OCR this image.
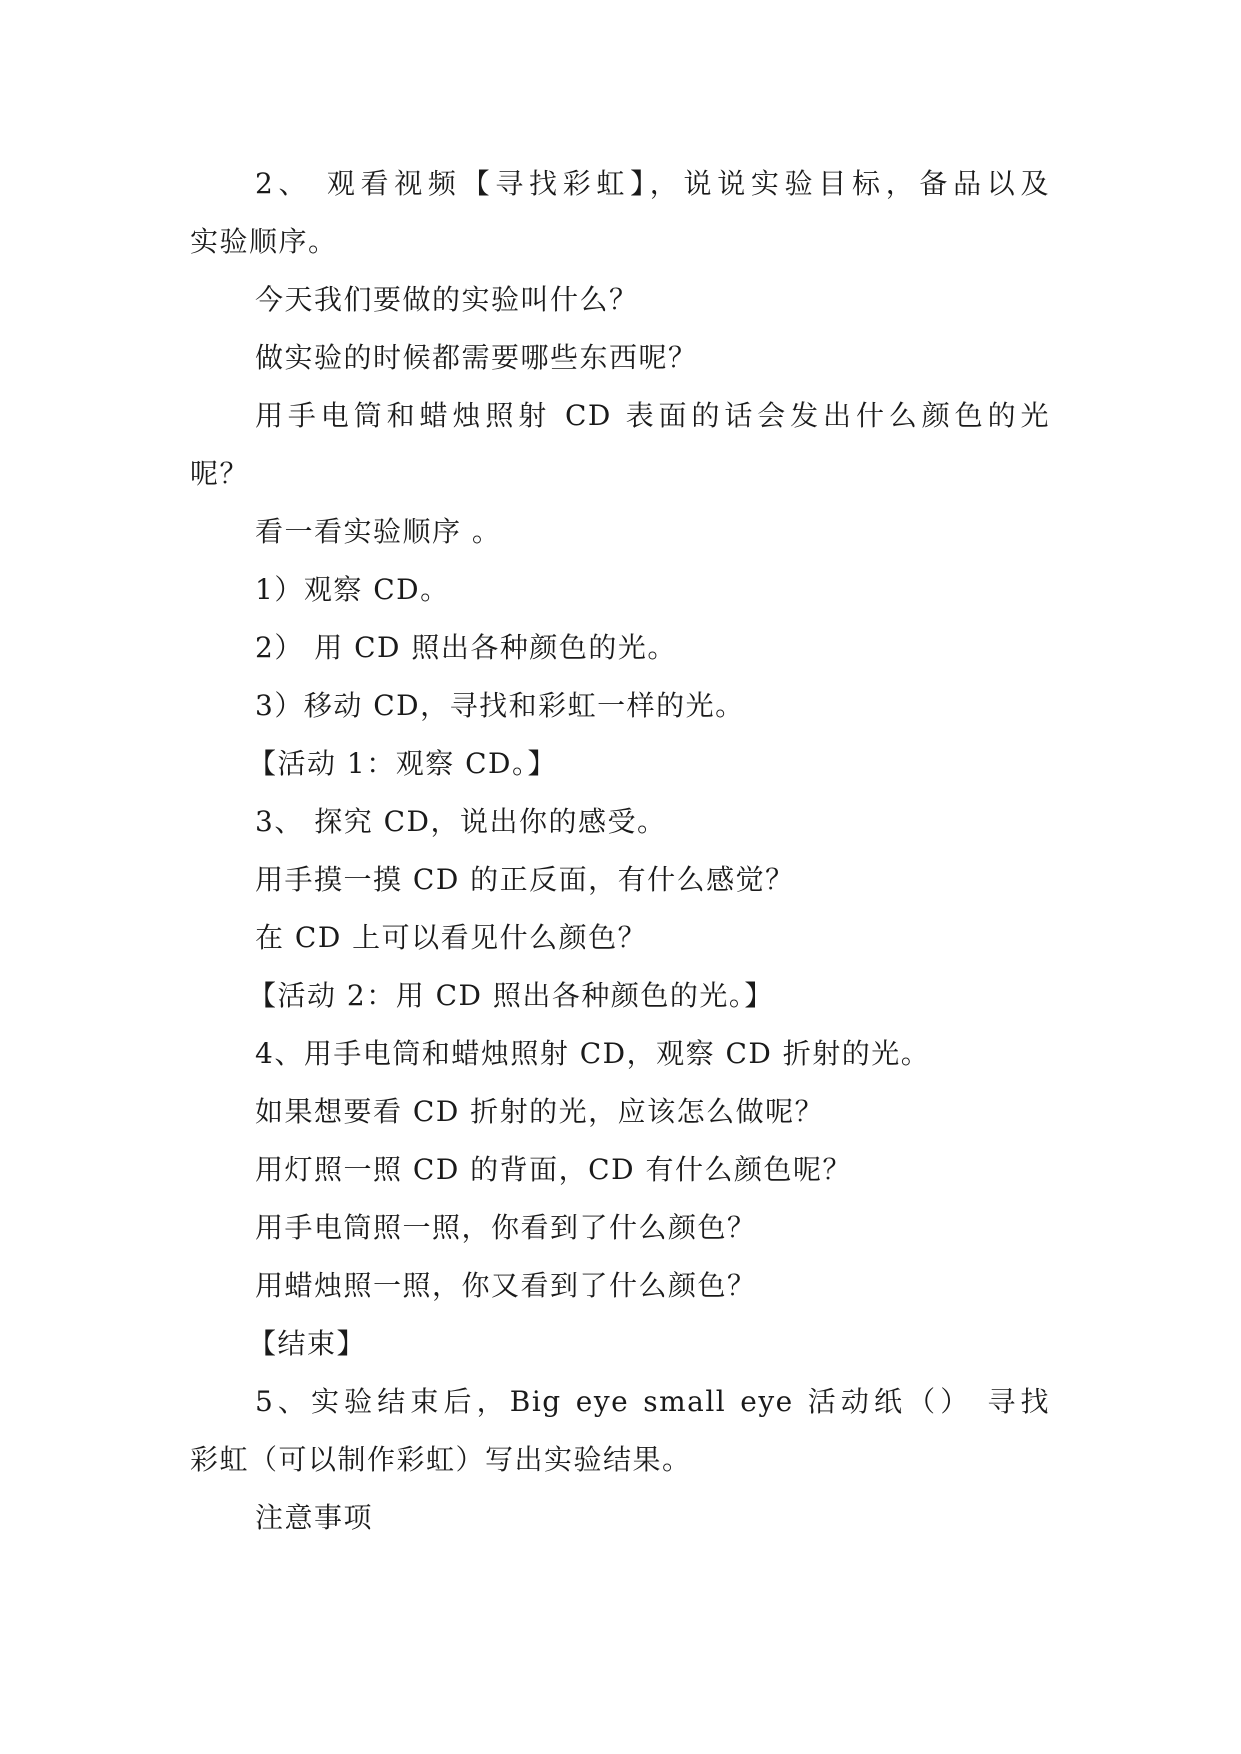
2、 观看视频【寻找彩虹】，说说实验目标，备品以及

实验顺序。

今天我们要做的实验叫什么？

做实验的时候都需要哪些东西呢？

用手电筒和蜡烛照射 CD 表面的话会发出什么颜色的光

呢？

看一看实验顺序 。

1）观察 CD。

2） 用 CD 照出各种颜色的光。

3）移动 CD，寻找和彩虹一样的光。

【活动 1：观察 CD。】

3、 探究 CD，说出你的感受。

用手摸一摸 CD 的正反面，有什么感觉？

在 CD 上可以看见什么颜色？

【活动 2：用 CD 照出各种颜色的光。】

4、用手电筒和蜡烛照射 CD，观察 CD 折射的光。

如果想要看 CD 折射的光，应该怎么做呢？

用灯照一照 CD 的背面，CD 有什么颜色呢？

用手电筒照一照，你看到了什么颜色？

用蜡烛照一照，你又看到了什么颜色？

【结束】

5、实验结束后，Big eye small eye 活动纸（） 寻找

彩虹（可以制作彩虹）写出实验结果。

注意事项
